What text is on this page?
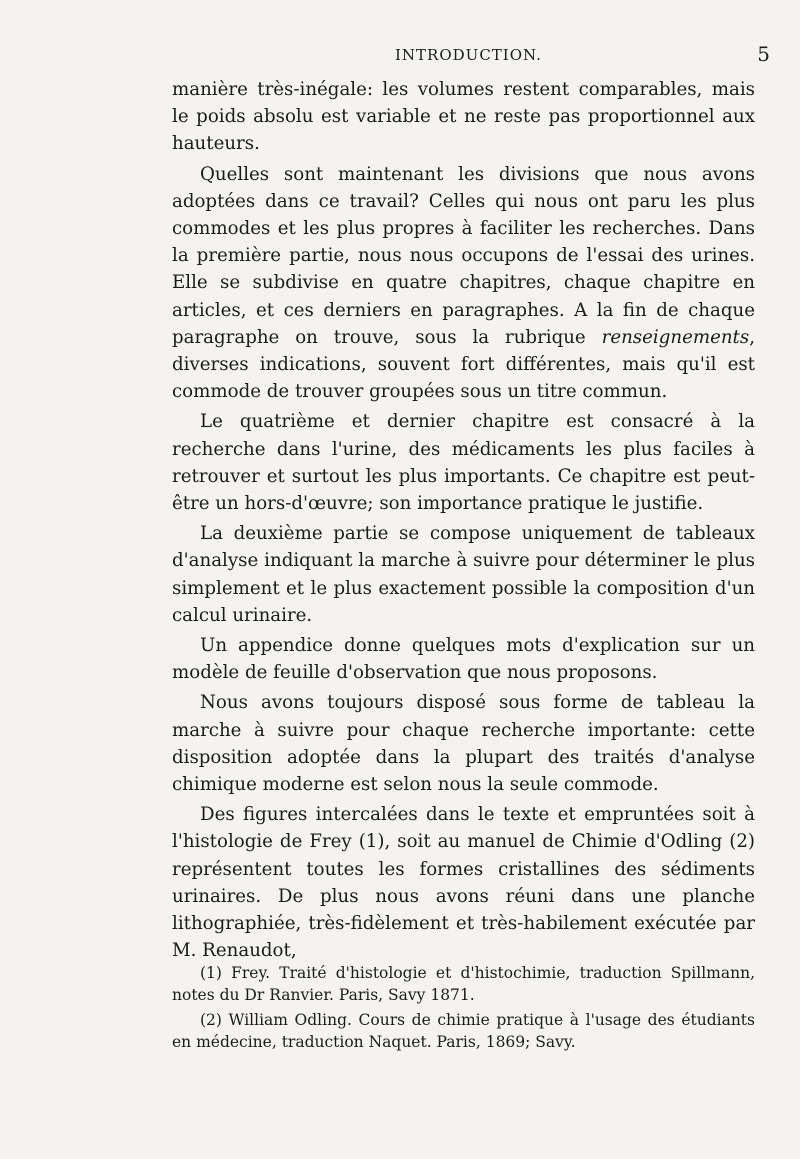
INTRODUCTION.	5

manière très-inégale: les volumes restent comparables, mais le poids absolu est variable et ne reste pas proportionnel aux hauteurs.

Quelles sont maintenant les divisions que nous avons adoptées dans ce travail? Celles qui nous ont paru les plus commodes et les plus propres à faciliter les recherches. Dans la première partie, nous nous occupons de l'essai des urines. Elle se subdivise en quatre chapitres, chaque chapitre en articles, et ces derniers en paragraphes. A la fin de chaque paragraphe on trouve, sous la rubrique renseignements, diverses indications, souvent fort différentes, mais qu'il est commode de trouver groupées sous un titre commun.

Le quatrième et dernier chapitre est consacré à la recherche dans l'urine, des médicaments les plus faciles à retrouver et surtout les plus importants. Ce chapitre est peut-être un hors-d'œuvre; son importance pratique le justifie.

La deuxième partie se compose uniquement de tableaux d'analyse indiquant la marche à suivre pour déterminer le plus simplement et le plus exactement possible la composition d'un calcul urinaire.

Un appendice donne quelques mots d'explication sur un modèle de feuille d'observation que nous proposons.

Nous avons toujours disposé sous forme de tableau la marche à suivre pour chaque recherche importante: cette disposition adoptée dans la plupart des traités d'analyse chimique moderne est selon nous la seule commode.

Des figures intercalées dans le texte et empruntées soit à l'histologie de Frey (1), soit au manuel de Chimie d'Odling (2) représentent toutes les formes cristallines des sédiments urinaires. De plus nous avons réuni dans une planche lithographiée, très-fidèlement et très-habilement exécutée par M. Renaudot,

(1) Frey. Traité d'histologie et d'histochimie, traduction Spillmann, notes du Dr Ranvier. Paris, Savy 1871.

(2) William Odling. Cours de chimie pratique à l'usage des étudiants en médecine, traduction Naquet. Paris, 1869; Savy.
